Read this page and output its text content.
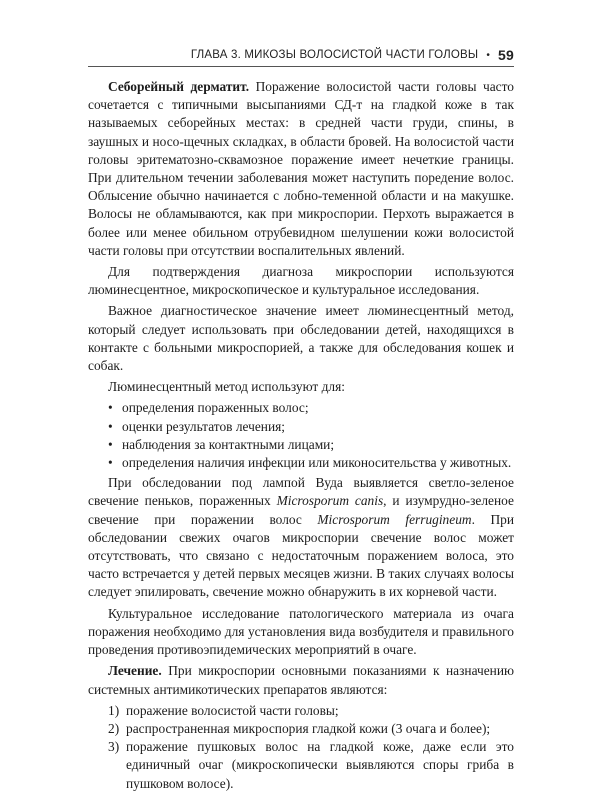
ГЛАВА 3. МИКОЗЫ ВОЛОСИСТОЙ ЧАСТИ ГОЛОВЫ • 59

Себорейный дерматит. Поражение волосистой части головы часто сочетается с типичными высыпаниями СД-т на гладкой коже в так называемых себорейных местах: в средней части груди, спины, в заушных и носо-щечных складках, в области бровей. На волосистой части головы эритематозно-сквамозное поражение имеет нечеткие границы. При длительном течении заболевания может наступить поредение волос. Облысение обычно начинается с лобно-теменной области и на макушке. Волосы не обламываются, как при микроспории. Перхоть выражается в более или менее обильном отрубевидном шелушении кожи волосистой части головы при отсутствии воспалительных явлений.

Для подтверждения диагноза микроспории используются люминесцентное, микроскопическое и культуральное исследования.

Важное диагностическое значение имеет люминесцентный метод, который следует использовать при обследовании детей, находящихся в контакте с больными микроспорией, а также для обследования кошек и собак.

Люминесцентный метод используют для:

• определения пораженных волос;
• оценки результатов лечения;
• наблюдения за контактными лицами;
• определения наличия инфекции или миконосительства у животных.

При обследовании под лампой Вуда выявляется светло-зеленое свечение пеньков, пораженных Microsporum canis, и изумрудно-зеленое свечение при поражении волос Microsporum ferrugineum. При обследовании свежих очагов микроспории свечение волос может отсутствовать, что связано с недостаточным поражением волоса, это часто встречается у детей первых месяцев жизни. В таких случаях волосы следует эпилировать, свечение можно обнаружить в их корневой части.

Культуральное исследование патологического материала из очага поражения необходимо для установления вида возбудителя и правильного проведения противоэпидемических мероприятий в очаге.

Лечение. При микроспории основными показаниями к назначению системных антимикотических препаратов являются:

1) поражение волосистой части головы;
2) распространенная микроспория гладкой кожи (3 очага и более);
3) поражение пушковых волос на гладкой коже, даже если это единичный очаг (микроскопически выявляются споры гриба в пушковом волосе).
